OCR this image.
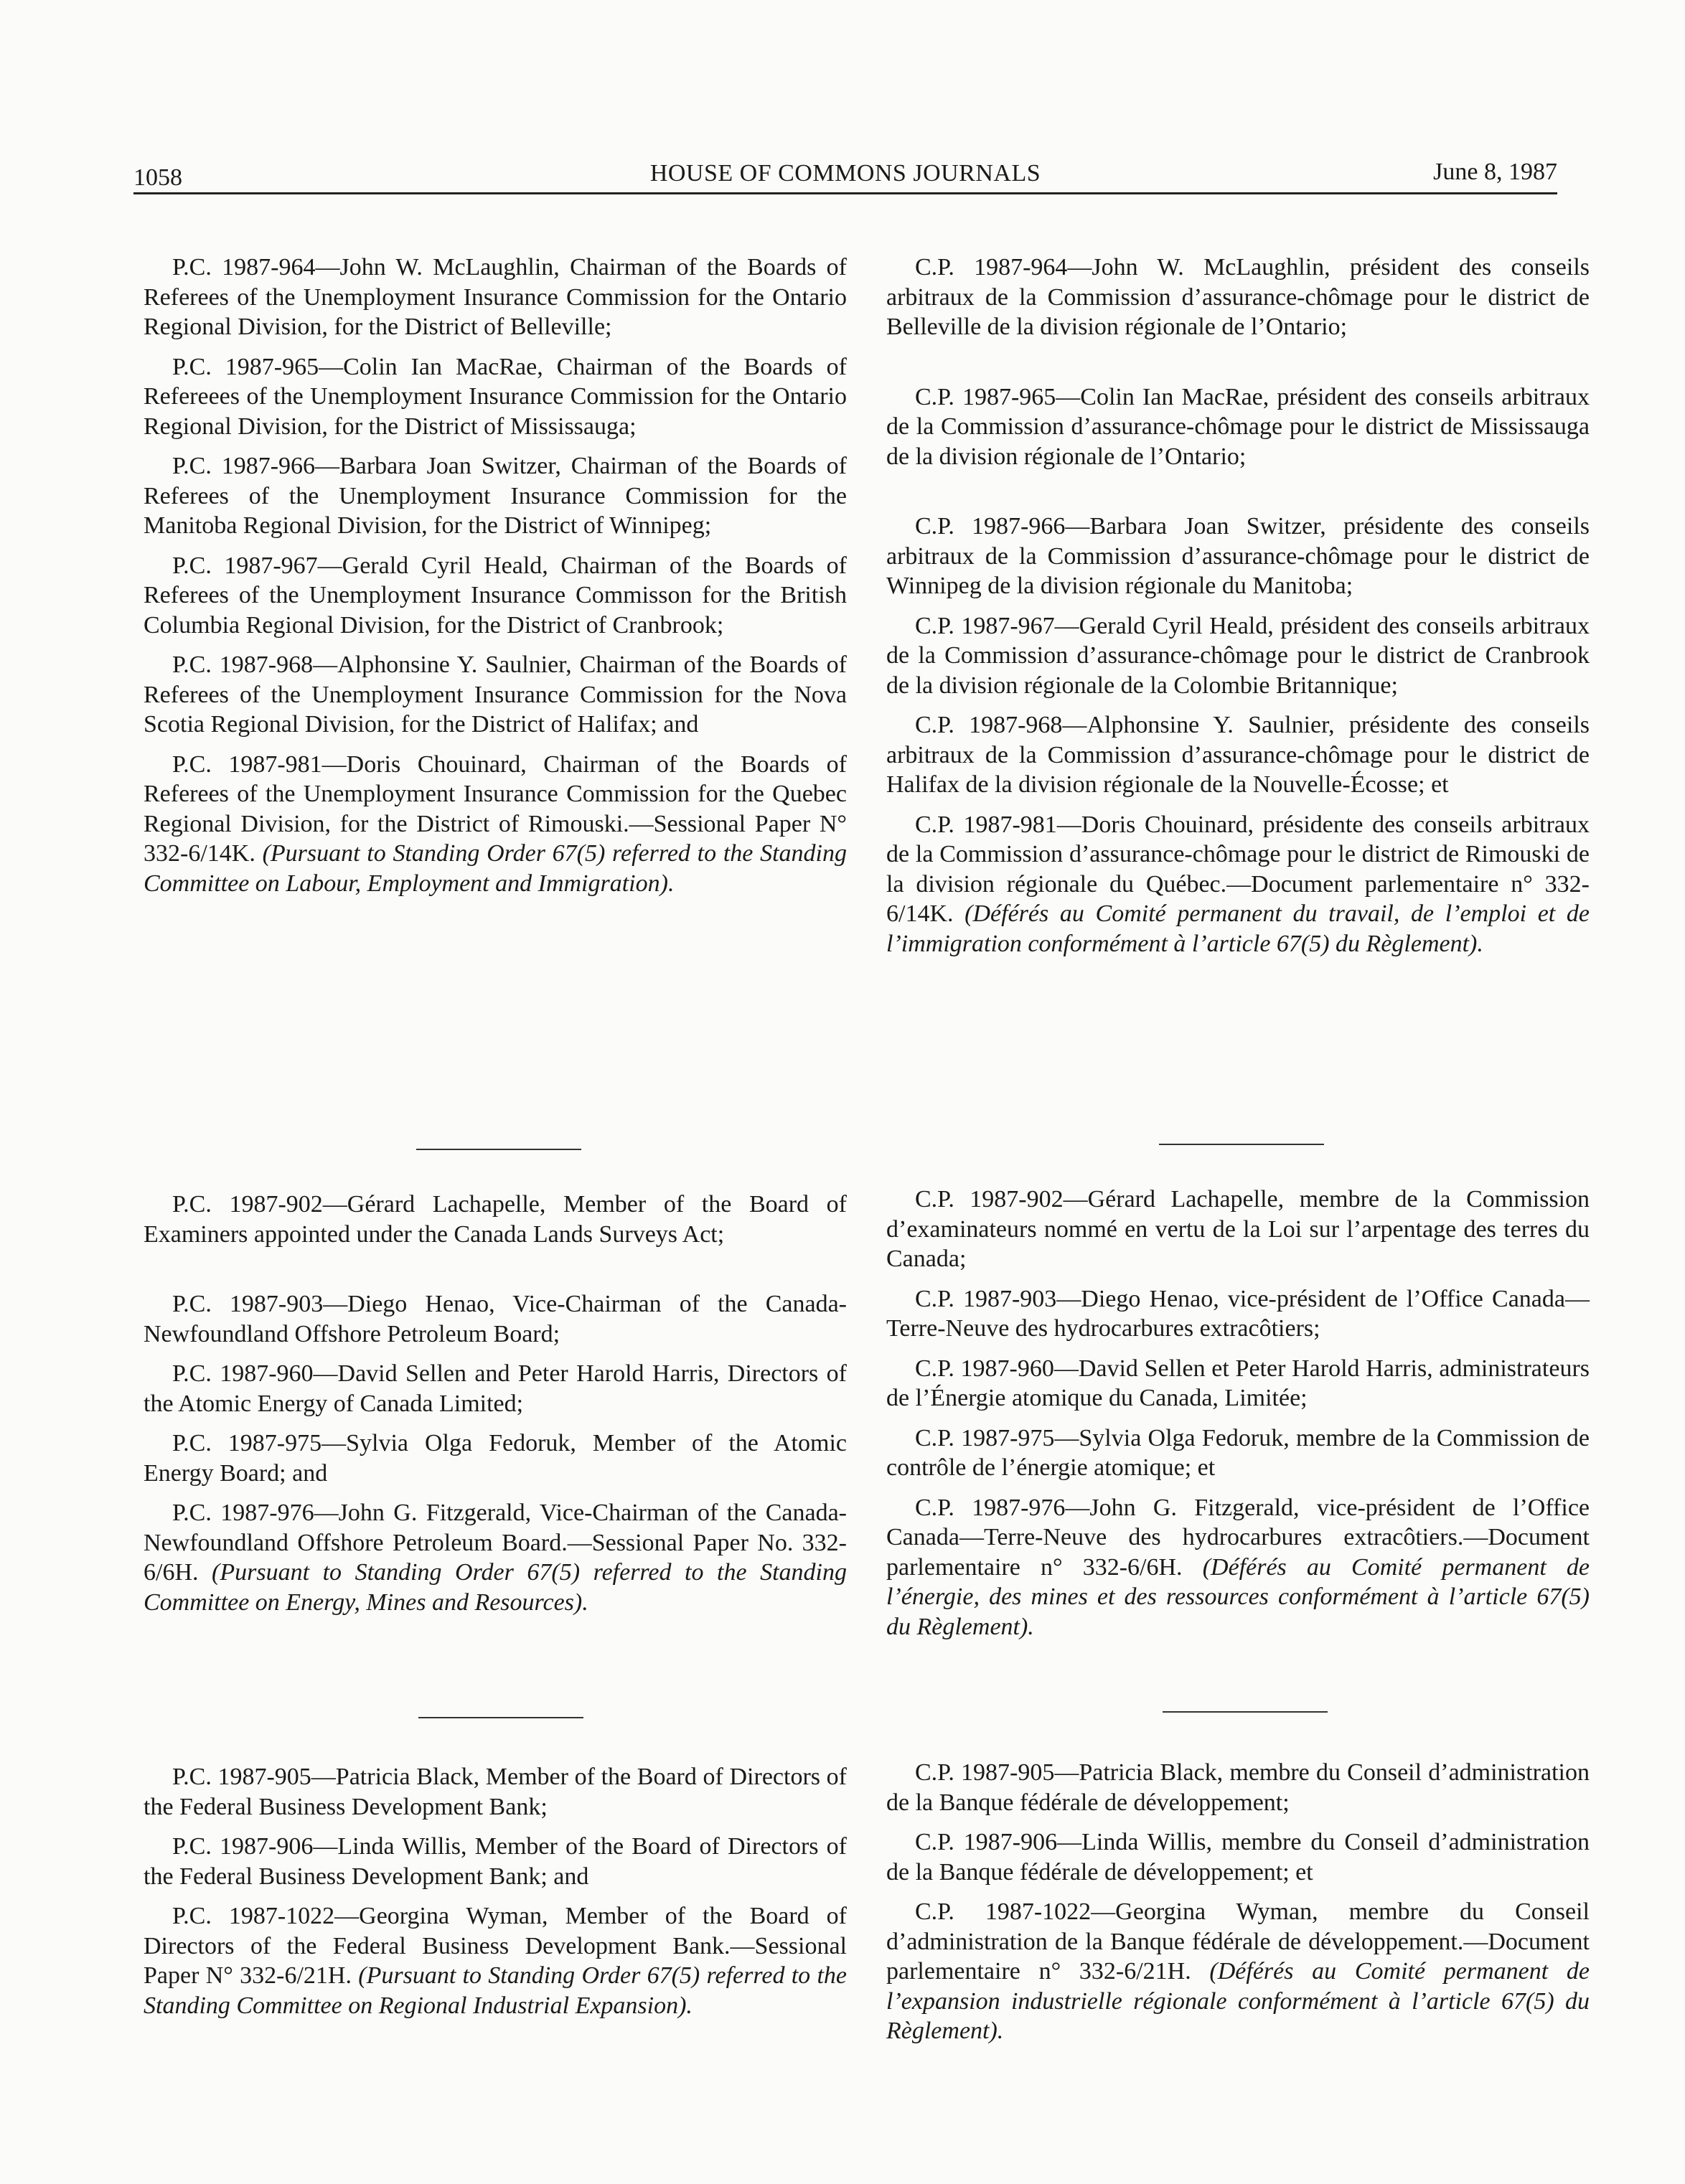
1058	HOUSE OF COMMONS JOURNALS	June 8, 1987

P.C. 1987-964—John W. McLaughlin, Chairman of the Boards of Referees of the Unemployment Insurance Commission for the Ontario Regional Division, for the District of Belleville;

P.C. 1987-965—Colin Ian MacRae, Chairman of the Boards of Refereees of the Unemployment Insurance Commission for the Ontario Regional Division, for the District of Mississauga;

P.C. 1987-966—Barbara Joan Switzer, Chairman of the Boards of Referees of the Unemployment Insurance Commission for the Manitoba Regional Division, for the District of Winnipeg;

P.C. 1987-967—Gerald Cyril Heald, Chairman of the Boards of Referees of the Unemployment Insurance Commisson for the British Columbia Regional Division, for the District of Cranbrook;

P.C. 1987-968—Alphonsine Y. Saulnier, Chairman of the Boards of Referees of the Unemployment Insurance Commission for the Nova Scotia Regional Division, for the District of Halifax; and

P.C. 1987-981—Doris Chouinard, Chairman of the Boards of Referees of the Unemployment Insurance Commission for the Quebec Regional Division, for the District of Rimouski.—Sessional Paper N° 332-6/14K. (Pursuant to Standing Order 67(5) referred to the Standing Committee on Labour, Employment and Immigration).

C.P. 1987-964—John W. McLaughlin, président des conseils arbitraux de la Commission d’assurance-chômage pour le district de Belleville de la division régionale de l’Ontario;

C.P. 1987-965—Colin Ian MacRae, président des conseils arbitraux de la Commission d’assurance-chômage pour le district de Mississauga de la division régionale de l’Ontario;

C.P. 1987-966—Barbara Joan Switzer, présidente des conseils arbitraux de la Commission d’assurance-chômage pour le district de Winnipeg de la division régionale du Manitoba;

C.P. 1987-967—Gerald Cyril Heald, président des conseils arbitraux de la Commission d’assurance-chômage pour le district de Cranbrook de la division régionale de la Colombie Britannique;

C.P. 1987-968—Alphonsine Y. Saulnier, présidente des conseils arbitraux de la Commission d’assurance-chômage pour le district de Halifax de la division régionale de la Nouvelle-Écosse; et

C.P. 1987-981—Doris Chouinard, présidente des conseils arbitraux de la Commission d’assurance-chômage pour le district de Rimouski de la division régionale du Québec.—Document parlementaire n° 332-6/14K. (Déférés au Comité permanent du travail, de l’emploi et de l’immigration conformément à l’article 67(5) du Règlement).

P.C. 1987-902—Gérard Lachapelle, Member of the Board of Examiners appointed under the Canada Lands Surveys Act;

P.C. 1987-903—Diego Henao, Vice-Chairman of the Canada-Newfoundland Offshore Petroleum Board;

P.C. 1987-960—David Sellen and Peter Harold Harris, Directors of the Atomic Energy of Canada Limited;

P.C. 1987-975—Sylvia Olga Fedoruk, Member of the Atomic Energy Board; and

P.C. 1987-976—John G. Fitzgerald, Vice-Chairman of the Canada-Newfoundland Offshore Petroleum Board.—Sessional Paper No. 332-6/6H. (Pursuant to Standing Order 67(5) referred to the Standing Committee on Energy, Mines and Resources).

C.P. 1987-902—Gérard Lachapelle, membre de la Commission d’examinateurs nommé en vertu de la Loi sur l’arpentage des terres du Canada;

C.P. 1987-903—Diego Henao, vice-président de l’Office Canada—Terre-Neuve des hydrocarbures extracôtiers;

C.P. 1987-960—David Sellen et Peter Harold Harris, administrateurs de l’Énergie atomique du Canada, Limitée;

C.P. 1987-975—Sylvia Olga Fedoruk, membre de la Commission de contrôle de l’énergie atomique; et

C.P. 1987-976—John G. Fitzgerald, vice-président de l’Office Canada—Terre-Neuve des hydrocarbures extracôtiers.—Document parlementaire n° 332-6/6H. (Déférés au Comité permanent de l’énergie, des mines et des ressources conformément à l’article 67(5) du Règlement).

P.C. 1987-905—Patricia Black, Member of the Board of Directors of the Federal Business Development Bank;

P.C. 1987-906—Linda Willis, Member of the Board of Directors of the Federal Business Development Bank; and

P.C. 1987-1022—Georgina Wyman, Member of the Board of Directors of the Federal Business Development Bank.—Sessional Paper N° 332-6/21H. (Pursuant to Standing Order 67(5) referred to the Standing Committee on Regional Industrial Expansion).

C.P. 1987-905—Patricia Black, membre du Conseil d’administration de la Banque fédérale de développement;

C.P. 1987-906—Linda Willis, membre du Conseil d’administration de la Banque fédérale de développement; et

C.P. 1987-1022—Georgina Wyman, membre du Conseil d’administration de la Banque fédérale de développement.—Document parlementaire n° 332-6/21H. (Déférés au Comité permanent de l’expansion industrielle régionale conformément à l’article 67(5) du Règlement).
